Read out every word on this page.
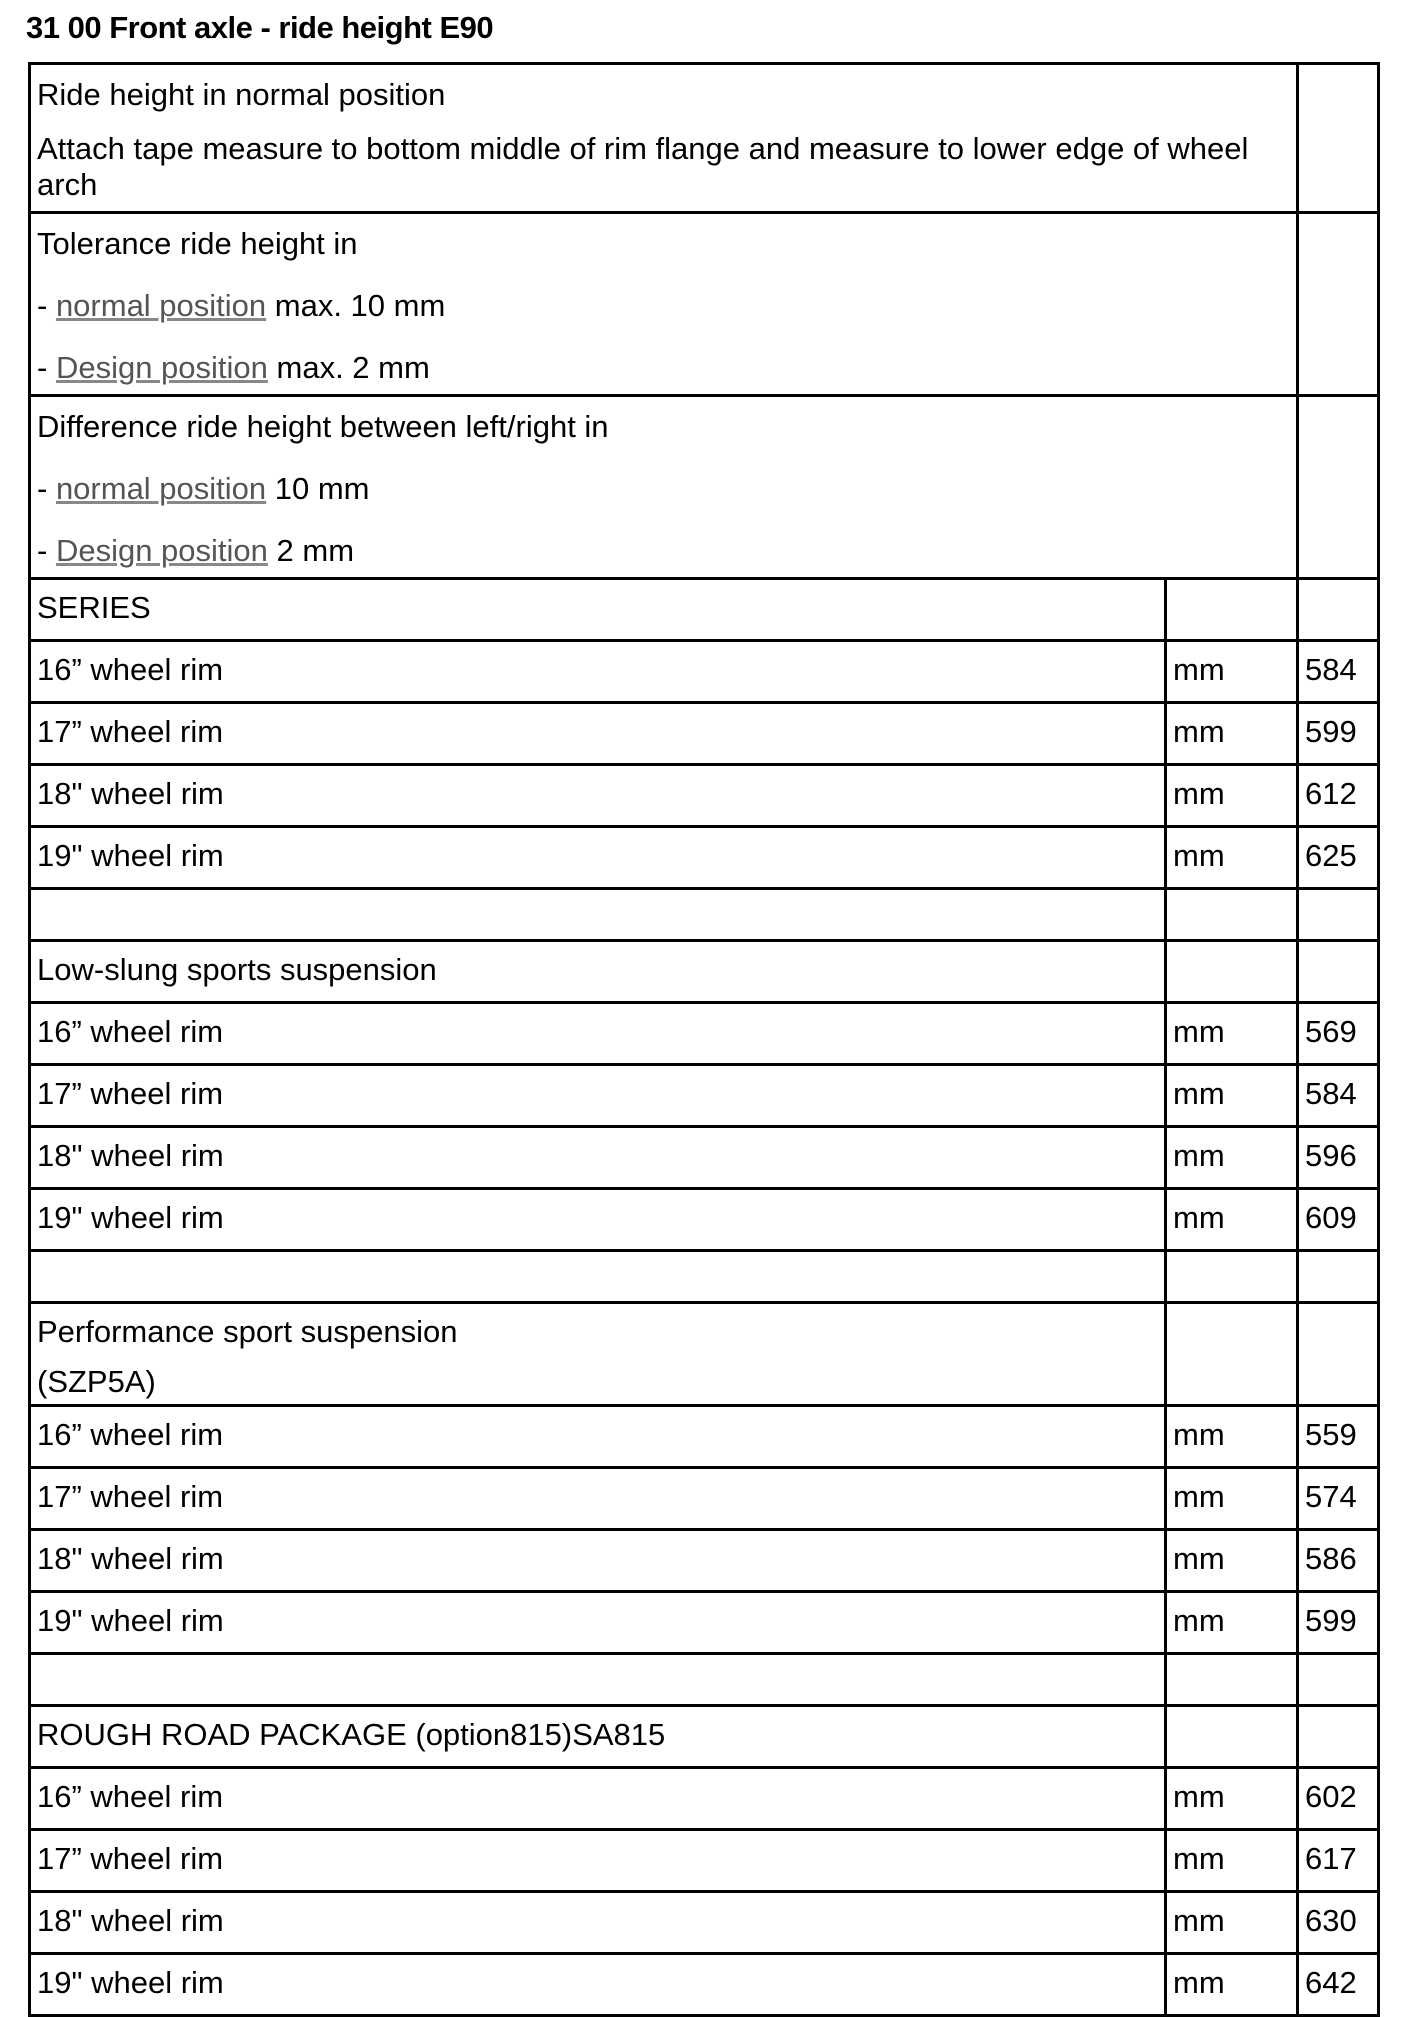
31 00 Front axle - ride height E90

Ride height in normal position

Attach tape measure to bottom middle of rim flange and measure to lower edge of wheel arch		

Tolerance ride height in

- normal position max. 10 mm

- Design position max. 2 mm		

Difference ride height between left/right in

- normal position 10 mm

- Design position 2 mm		

SERIES		

16” wheel rim	mm	584
17” wheel rim	mm	599
18" wheel rim	mm	612
19" wheel rim	mm	625

Low-slung sports suspension		

16” wheel rim	mm	569
17” wheel rim	mm	584
18" wheel rim	mm	596
19" wheel rim	mm	609

Performance sport suspension
(SZP5A)		

16” wheel rim	mm	559
17” wheel rim	mm	574
18" wheel rim	mm	586
19" wheel rim	mm	599

ROUGH ROAD PACKAGE (option815)SA815		

16” wheel rim	mm	602
17” wheel rim	mm	617
18" wheel rim	mm	630
19" wheel rim	mm	642
